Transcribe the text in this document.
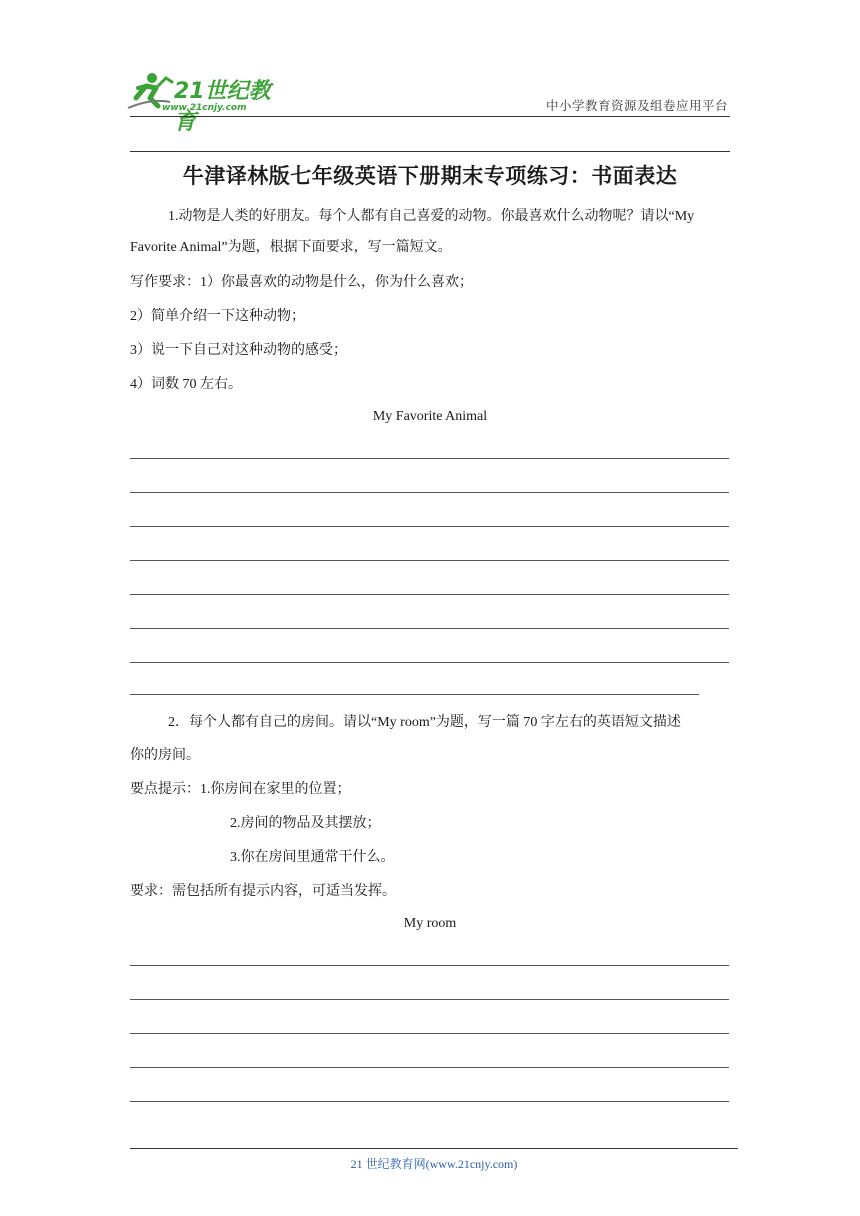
21世纪教育
www.21cnjy.com	中小学教育资源及组卷应用平台
牛津译林版七年级英语下册期末专项练习：书面表达
1.动物是人类的好朋友。每个人都有自己喜爱的动物。你最喜欢什么动物呢？请以“My
Favorite Animal”为题，根据下面要求，写一篇短文。
写作要求：1）你最喜欢的动物是什么，你为什么喜欢；
2）简单介绍一下这种动物；
3）说一下自己对这种动物的感受；
4）词数 70 左右。
My Favorite Animal
2．每个人都有自己的房间。请以“My room”为题，写一篇 70 字左右的英语短文描述
你的房间。
要点提示：1.你房间在家里的位置；
2.房间的物品及其摆放；
3.你在房间里通常干什么。
要求：需包括所有提示内容，可适当发挥。
My room
21 世纪教育网(www.21cnjy.com)
